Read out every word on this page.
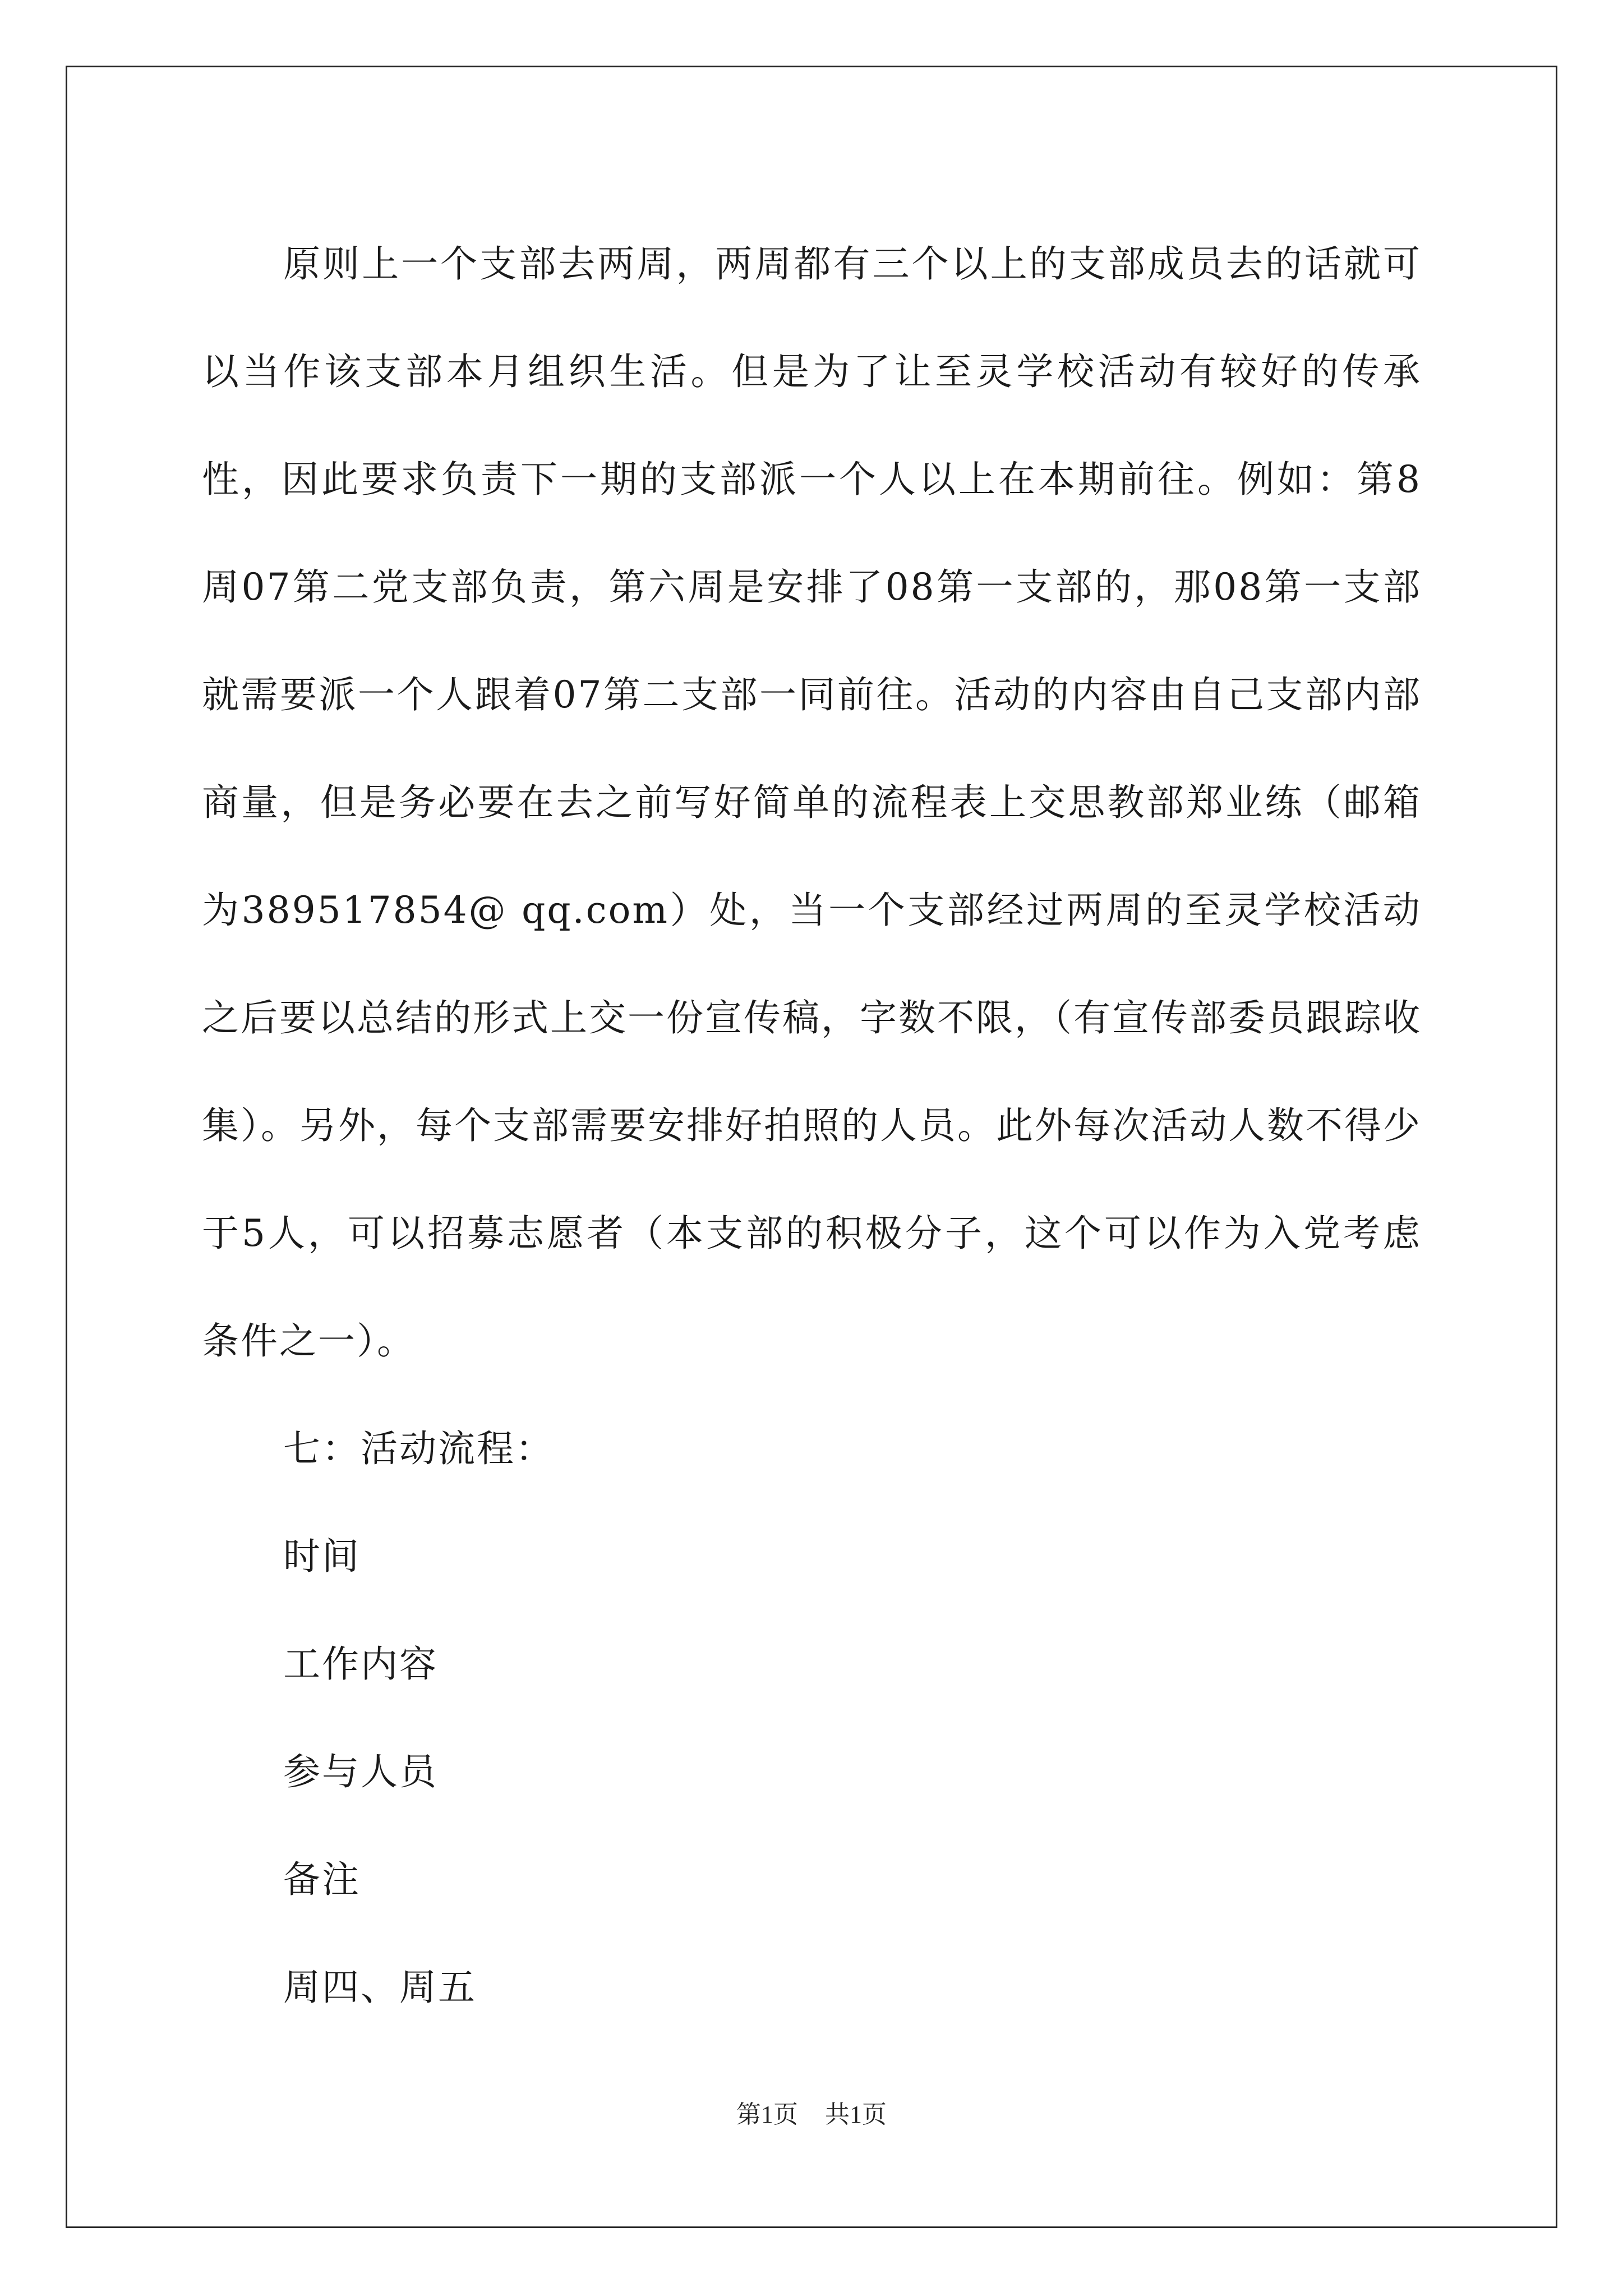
原则上一个支部去两周，两周都有三个以上的支部成员去的话就可以当作该支部本月组织生活。但是为了让至灵学校活动有较好的传承性，因此要求负责下一期的支部派一个人以上在本期前往。例如：第8周07第二党支部负责，第六周是安排了08第一支部的，那08第一支部就需要派一个人跟着07第二支部一同前往。活动的内容由自己支部内部商量，但是务必要在去之前写好简单的流程表上交思教部郑业练（邮箱为389517854@ qq.com）处，当一个支部经过两周的至灵学校活动之后要以总结的形式上交一份宣传稿，字数不限，（有宣传部委员跟踪收集）。另外，每个支部需要安排好拍照的人员。此外每次活动人数不得少于5人，可以招募志愿者（本支部的积极分子，这个可以作为入党考虑条件之一）。

七：活动流程：

时间

工作内容

参与人员

备注

周四、周五

第1页 共1页
